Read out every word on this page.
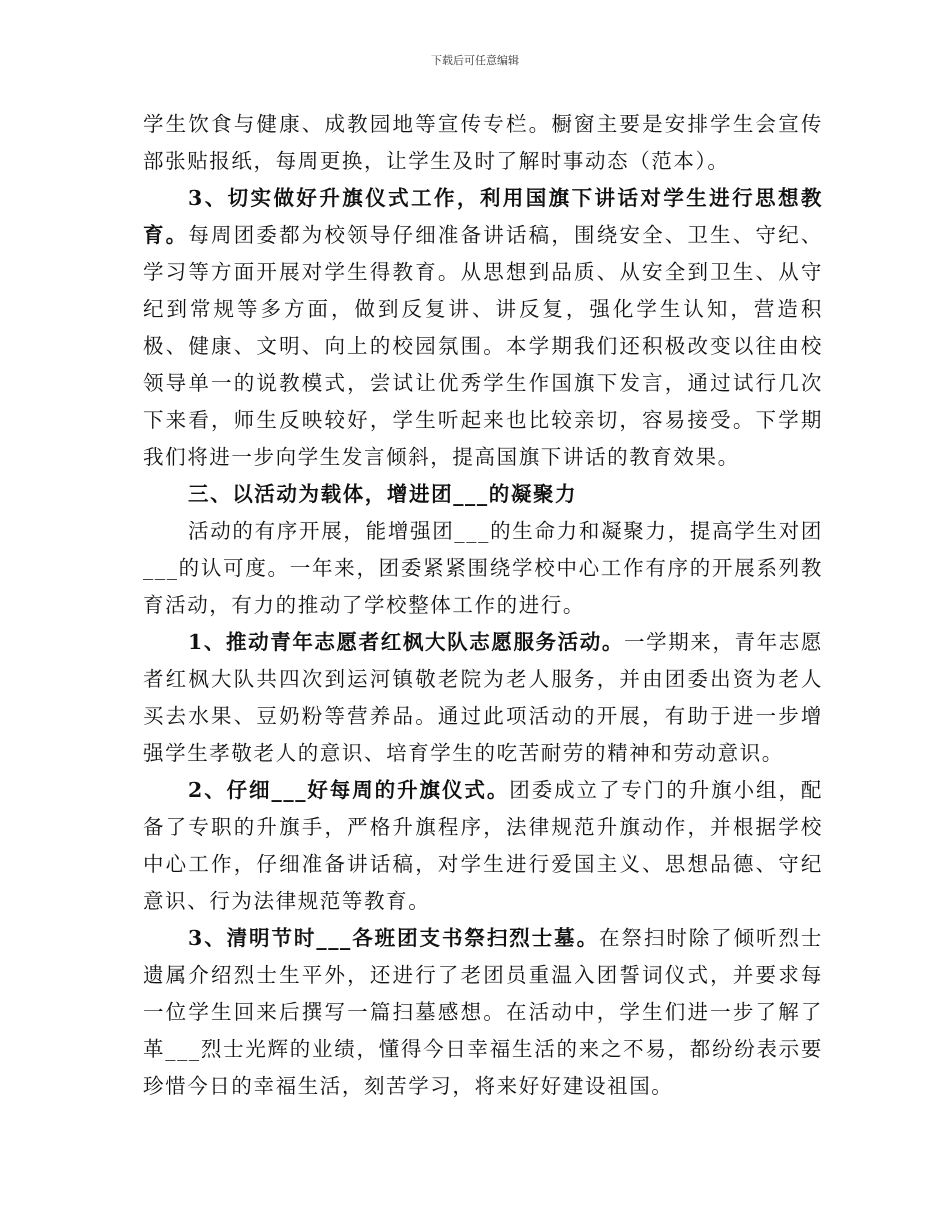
下载后可任意编辑

学生饮食与健康、成教园地等宣传专栏。橱窗主要是安排学生会宣传部张贴报纸，每周更换，让学生及时了解时事动态（范本）。

3、切实做好升旗仪式工作，利用国旗下讲话对学生进行思想教育。每周团委都为校领导仔细准备讲话稿，围绕安全、卫生、守纪、学习等方面开展对学生得教育。从思想到品质、从安全到卫生、从守纪到常规等多方面，做到反复讲、讲反复，强化学生认知，营造积极、健康、文明、向上的校园氛围。本学期我们还积极改变以往由校领导单一的说教模式，尝试让优秀学生作国旗下发言，通过试行几次下来看，师生反映较好，学生听起来也比较亲切，容易接受。下学期我们将进一步向学生发言倾斜，提高国旗下讲话的教育效果。

三、以活动为载体，增进团___的凝聚力

活动的有序开展，能增强团___的生命力和凝聚力，提高学生对团___的认可度。一年来，团委紧紧围绕学校中心工作有序的开展系列教育活动，有力的推动了学校整体工作的进行。

1、推动青年志愿者红枫大队志愿服务活动。一学期来，青年志愿者红枫大队共四次到运河镇敬老院为老人服务，并由团委出资为老人买去水果、豆奶粉等营养品。通过此项活动的开展，有助于进一步增强学生孝敬老人的意识、培育学生的吃苦耐劳的精神和劳动意识。

2、仔细___好每周的升旗仪式。团委成立了专门的升旗小组，配备了专职的升旗手，严格升旗程序，法律规范升旗动作，并根据学校中心工作，仔细准备讲话稿，对学生进行爱国主义、思想品德、守纪意识、行为法律规范等教育。

3、清明节时___各班团支书祭扫烈士墓。在祭扫时除了倾听烈士遗属介绍烈士生平外，还进行了老团员重温入团誓词仪式，并要求每一位学生回来后撰写一篇扫墓感想。在活动中，学生们进一步了解了革___烈士光辉的业绩，懂得今日幸福生活的来之不易，都纷纷表示要珍惜今日的幸福生活，刻苦学习，将来好好建设祖国。
